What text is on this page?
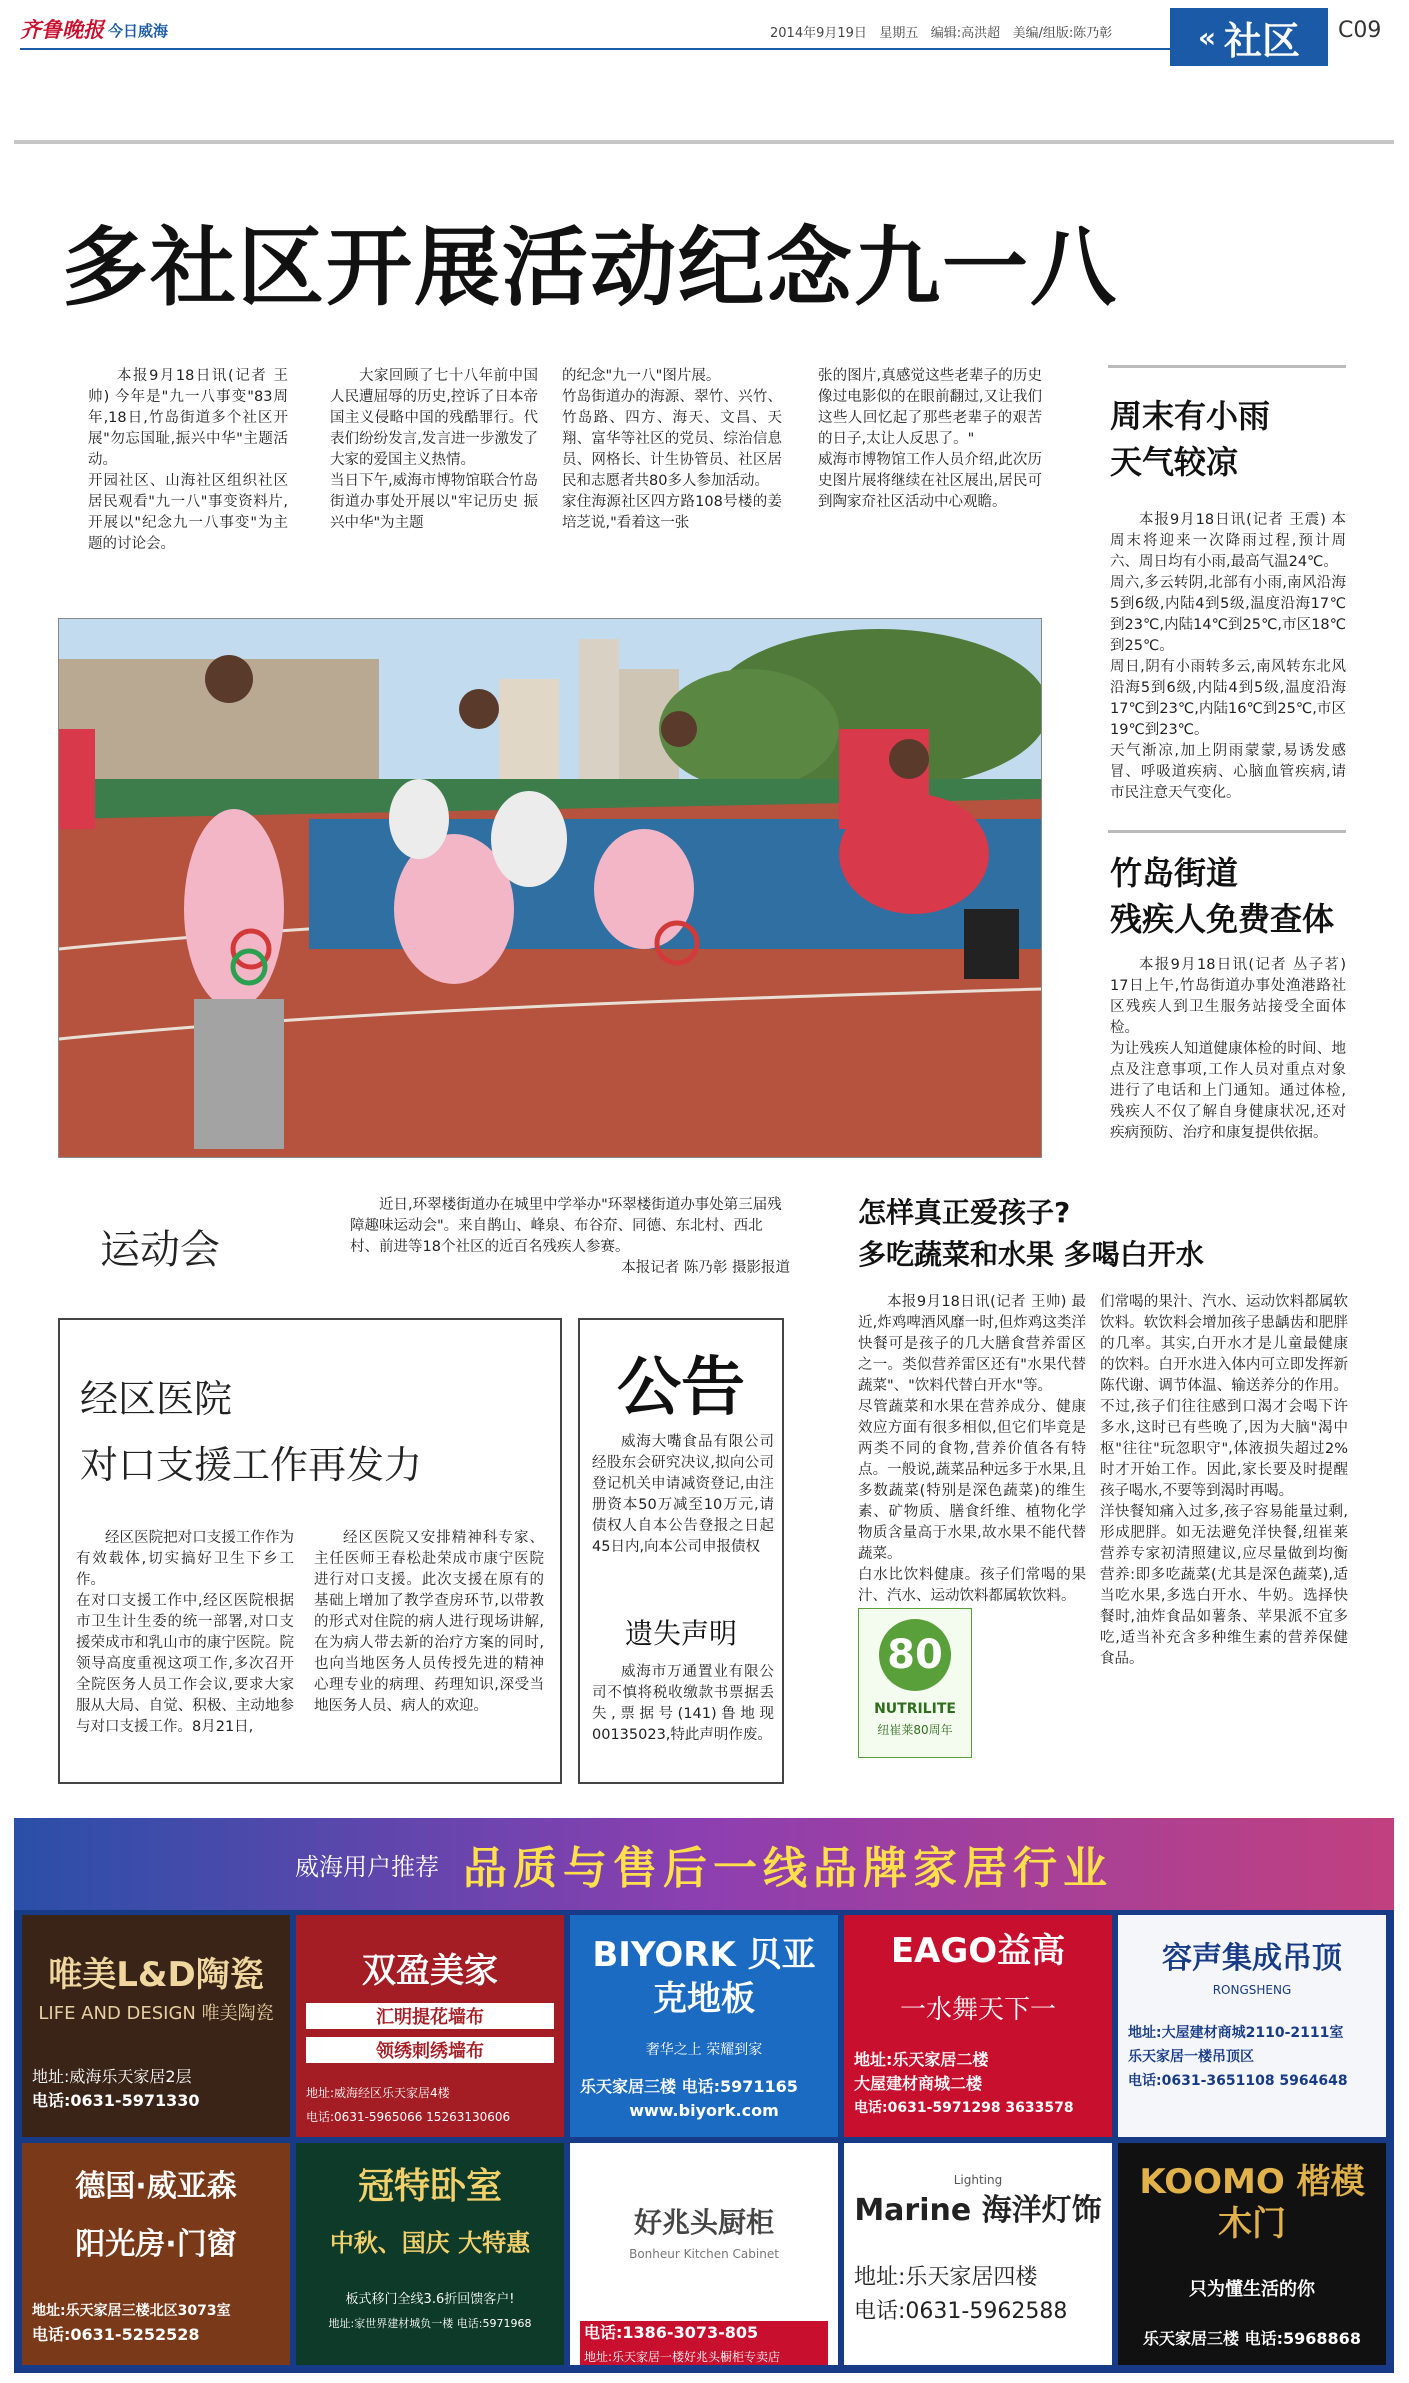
齐鲁晚报 今日威海	2014年9月19日 星期五 编辑:高洪超 美编/组版:陈乃彰	« 社区 C09
多社区开展活动纪念九一八
本报9月18日讯(记者 王帅) 今年是"九一八事变"83周年,18日,竹岛街道多个社区开展"勿忘国耻,振兴中华"主题活动。
开园社区、山海社区组织社区居民观看"九一八"事变资料片,开展以"纪念九一八事变"为主题的讨论会。
大家回顾了七十八年前中国人民遭屈辱的历史,控诉了日本帝国主义侵略中国的残酷罪行。代表们纷纷发言,发言进一步激发了大家的爱国主义热情。
当日下午,威海市博物馆联合竹岛街道办事处开展以"牢记历史 振兴中华"为主题
的纪念"九一八"图片展。
竹岛街道办的海源、翠竹、兴竹、竹岛路、四方、海天、文昌、天翔、富华等社区的党员、综治信息员、网格长、计生协管员、社区居民和志愿者共80多人参加活动。
家住海源社区四方路108号楼的姜培芝说,"看着这一张
张的图片,真感觉这些老辈子的历史像过电影似的在眼前翻过,又让我们这些人回忆起了那些老辈子的艰苦的日子,太让人反思了。"
威海市博物馆工作人员介绍,此次历史图片展将继续在社区展出,居民可到陶家夼社区活动中心观瞻。
运动会
近日,环翠楼街道办在城里中学举办"环翠楼街道办事处第三届残障趣味运动会"。来自鹊山、峰泉、布谷夼、同德、东北村、西北村、前进等18个社区的近百名残疾人参赛。
本报记者 陈乃彰 摄影报道
周末有小雨
天气较凉
本报9月18日讯(记者 王震) 本周末将迎来一次降雨过程,预计周六、周日均有小雨,最高气温24℃。
周六,多云转阴,北部有小雨,南风沿海5到6级,内陆4到5级,温度沿海17℃到23℃,内陆14℃到25℃,市区18℃到25℃。
周日,阴有小雨转多云,南风转东北风沿海5到6级,内陆4到5级,温度沿海17℃到23℃,内陆16℃到25℃,市区19℃到23℃。
天气渐凉,加上阴雨蒙蒙,易诱发感冒、呼吸道疾病、心脑血管疾病,请市民注意天气变化。
竹岛街道
残疾人免费查体
本报9月18日讯(记者 丛子茗) 17日上午,竹岛街道办事处渔港路社区残疾人到卫生服务站接受全面体检。
为让残疾人知道健康体检的时间、地点及注意事项,工作人员对重点对象进行了电话和上门通知。通过体检,残疾人不仅了解自身健康状况,还对疾病预防、治疗和康复提供依据。
怎样真正爱孩子?
多吃蔬菜和水果 多喝白开水
本报9月18日讯(记者 王帅) 最近,炸鸡啤酒风靡一时,但炸鸡这类洋快餐可是孩子的几大膳食营养雷区之一。类似营养雷区还有"水果代替蔬菜"、"饮料代替白开水"等。
尽管蔬菜和水果在营养成分、健康效应方面有很多相似,但它们毕竟是两类不同的食物,营养价值各有特点。一般说,蔬菜品种远多于水果,且多数蔬菜(特别是深色蔬菜)的维生素、矿物质、膳食纤维、植物化学物质含量高于水果,故水果不能代替蔬菜。
白水比饮料健康。孩子们常喝的果汁、汽水、运动饮料都属软饮料。
80
NUTRILITE
纽崔莱80周年
们常喝的果汁、汽水、运动饮料都属软饮料。软饮料会增加孩子患龋齿和肥胖的几率。其实,白开水才是儿童最健康的饮料。白开水进入体内可立即发挥新陈代谢、调节体温、输送养分的作用。不过,孩子们往往感到口渴才会喝下许多水,这时已有些晚了,因为大脑"渴中枢"往往"玩忽职守",体液损失超过2%时才开始工作。因此,家长要及时提醒孩子喝水,不要等到渴时再喝。
洋快餐知痛入过多,孩子容易能量过剩,形成肥胖。如无法避免洋快餐,纽崔莱营养专家初清照建议,应尽量做到均衡营养:即多吃蔬菜(尤其是深色蔬菜),适当吃水果,多选白开水、牛奶。选择快餐时,油炸食品如薯条、苹果派不宜多吃,适当补充含多种维生素的营养保健食品。
经区医院
对口支援工作再发力
经区医院把对口支援工作作为有效载体,切实搞好卫生下乡工作。
在对口支援工作中,经区医院根据市卫生计生委的统一部署,对口支援荣成市和乳山市的康宁医院。院领导高度重视这项工作,多次召开全院医务人员工作会议,要求大家服从大局、自觉、积极、主动地参与对口支援工作。8月21日,
经区医院又安排精神科专家、主任医师王春松赴荣成市康宁医院进行对口支援。此次支援在原有的基础上增加了教学查房环节,以带教的形式对住院的病人进行现场讲解,在为病人带去新的治疗方案的同时,也向当地医务人员传授先进的精神心理专业的病理、药理知识,深受当地医务人员、病人的欢迎。
公告
威海大嘴食品有限公司经股东会研究决议,拟向公司登记机关申请减资登记,由注册资本50万减至10万元,请债权人自本公告登报之日起45日内,向本公司申报债权
遗失声明
威海市万通置业有限公司不慎将税收缴款书票据丢失,票据号(141)鲁地现00135023,特此声明作废。
威海用户推荐 品质与售后一线品牌家居行业
唯美L&D陶瓷
LIFE AND DESIGN 唯美陶瓷
地址:威海乐天家居2层
电话:0631-5971330
双盈美家
汇明提花墙布
领绣刺绣墙布
地址:威海经区乐天家居4楼
电话:0631-5965066 15263130606
BIYORK 贝亚克地板
奢华之上 荣耀到家
乐天家居三楼 电话:5971165
www.biyork.com
EAGO益高
一水舞天下一
地址:乐天家居二楼
大屋建材商城二楼
电话:0631-5971298 3633578
容声集成吊顶
RONGSHENG
地址:大屋建材商城2110-2111室
乐天家居一楼吊顶区
电话:0631-3651108 5964648
德国·威亚森
阳光房·门窗
地址:乐天家居三楼北区3073室
电话:0631-5252528
冠特卧室
中秋、国庆 大特惠
板式移门全线3.6折回馈客户!
地址:家世界建材城负一楼 电话:5971968
好兆头厨柜
Bonheur Kitchen Cabinet
电话:1386-3073-805
地址:乐天家居一楼好兆头橱柜专卖店
Lighting
Marine 海洋灯饰
地址:乐天家居四楼
电话:0631-5962588
KOOMO 楷模木门
只为懂生活的你
乐天家居三楼 电话:5968868
